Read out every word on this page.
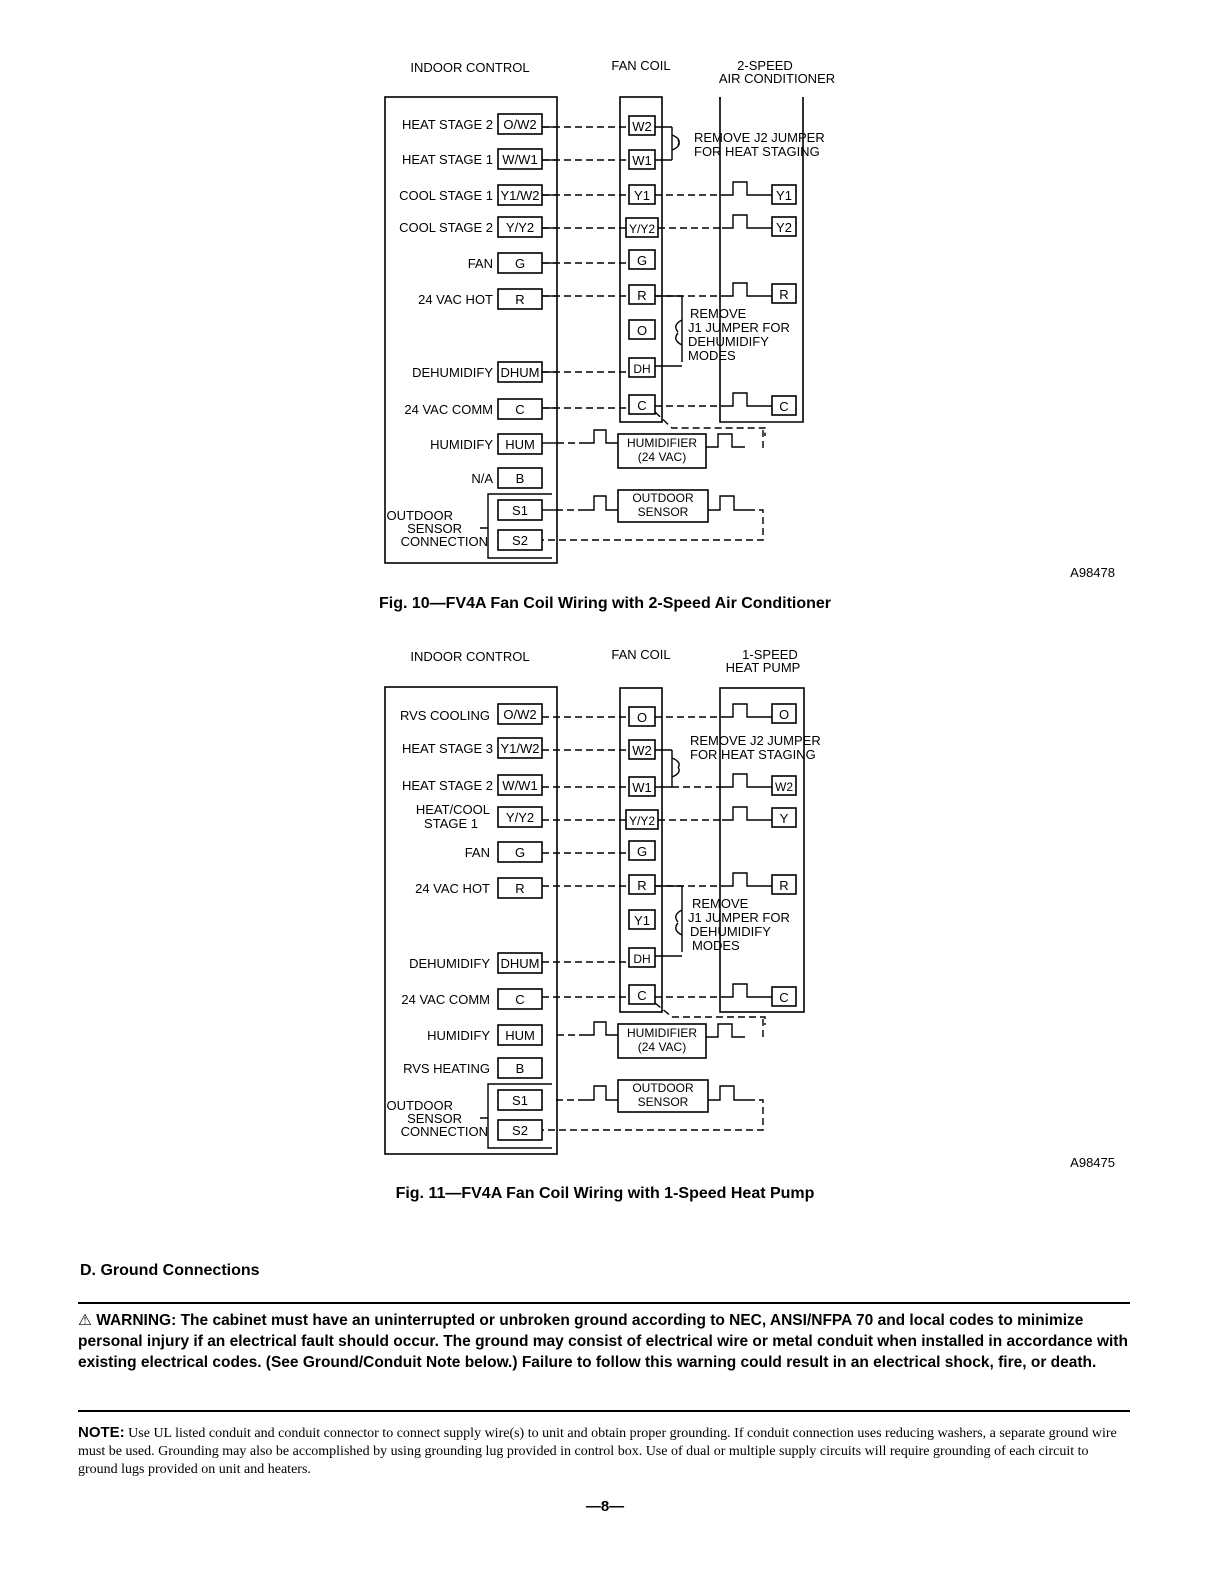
INDOOR CONTROL	FAN COIL	2-SPEED
AIR CONDITIONER
HEAT STAGE 2
HEAT STAGE 1
COOL STAGE 1
COOL STAGE 2
FAN
24 VAC HOT
DEHUMIDIFY
24 VAC COMM
HUMIDIFY
N/A
OUTDOOR
SENSOR
CONNECTION
O/W2
W/W1
Y1/W2
Y/Y2
G
R
DHUM
C
HUM
B
S1
S2
W2
W1
Y1
Y/Y2
G
R
O
DH
C
REMOVE J2 JUMPER
FOR HEAT STAGING
Y1
Y2
R
C
REMOVE
J1 JUMPER FOR
DEHUMIDIFY
MODES
HUMIDIFIER
(24 VAC)
OUTDOOR
SENSOR
A98478
Fig. 10—FV4A Fan Coil Wiring with 2-Speed Air Conditioner
INDOOR CONTROL	FAN COIL	1-SPEED
HEAT PUMP
RVS COOLING
HEAT STAGE 3
HEAT STAGE 2
HEAT/COOL
STAGE 1
FAN
24 VAC HOT
DEHUMIDIFY
24 VAC COMM
HUMIDIFY
RVS HEATING
OUTDOOR
SENSOR
CONNECTION
O/W2
Y1/W2
W/W1
Y/Y2
G
R
DHUM
C
HUM
B
S1
S2
O
W2
W1
Y/Y2
G
R
Y1
DH
C
REMOVE J2 JUMPER
FOR HEAT STAGING
O
W2
Y
R
C
REMOVE
J1 JUMPER FOR
DEHUMIDIFY
MODES
HUMIDIFIER
(24 VAC)
OUTDOOR
SENSOR
A98475
Fig. 11—FV4A Fan Coil Wiring with 1-Speed Heat Pump
D. Ground Connections
⚠ WARNING: The cabinet must have an uninterrupted or unbroken ground according to NEC, ANSI/NFPA 70 and local codes to minimize personal injury if an electrical fault should occur. The ground may consist of electrical wire or metal conduit when installed in accordance with existing electrical codes. (See Ground/Conduit Note below.) Failure to follow this warning could result in an electrical shock, fire, or death.
NOTE: Use UL listed conduit and conduit connector to connect supply wire(s) to unit and obtain proper grounding. If conduit connection uses reducing washers, a separate ground wire must be used. Grounding may also be accomplished by using grounding lug provided in control box. Use of dual or multiple supply circuits will require grounding of each circuit to ground lugs provided on unit and heaters.
—8—
